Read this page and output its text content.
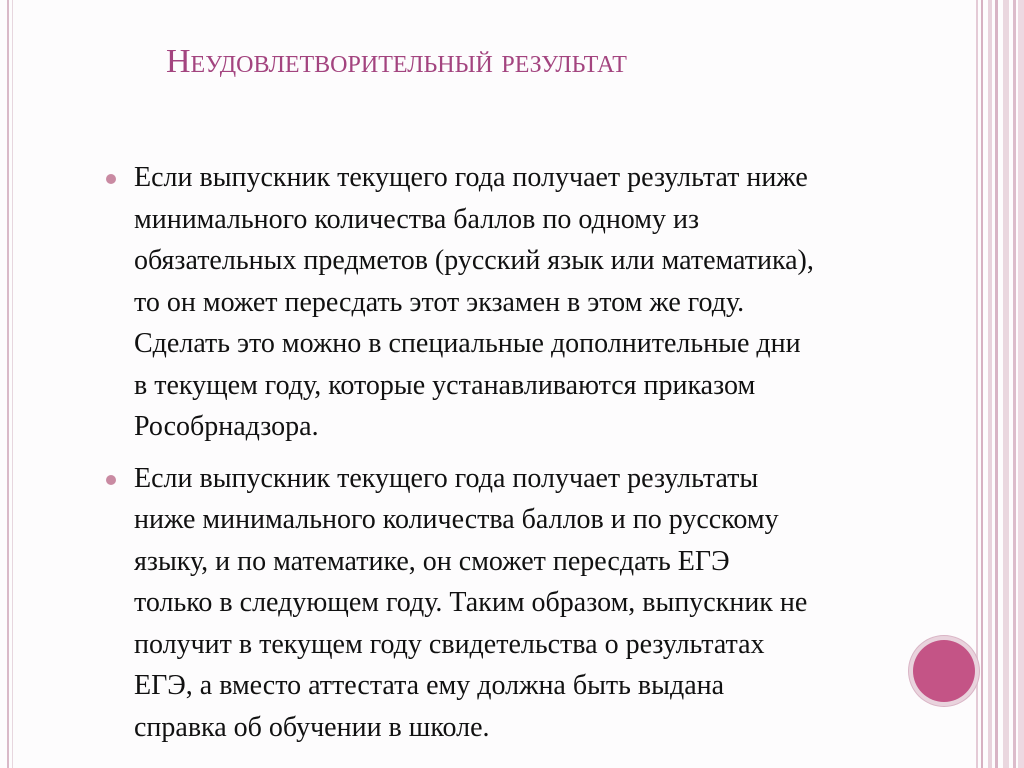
Неудовлетворительный результат
Если выпускник текущего года получает результат ниже
минимального количества баллов по одному из
обязательных предметов (русский язык или математика),
то он может пересдать этот экзамен в этом же году.
Сделать это можно в специальные дополнительные дни
в текущем году, которые устанавливаются приказом
Рособрнадзора.
Если выпускник текущего года получает результаты
ниже минимального количества баллов и по русскому
языку, и по математике, он сможет пересдать ЕГЭ
только в следующем году. Таким образом, выпускник не
получит в текущем году свидетельства о результатах
ЕГЭ, а вместо аттестата ему должна быть выдана
справка об обучении в школе.
